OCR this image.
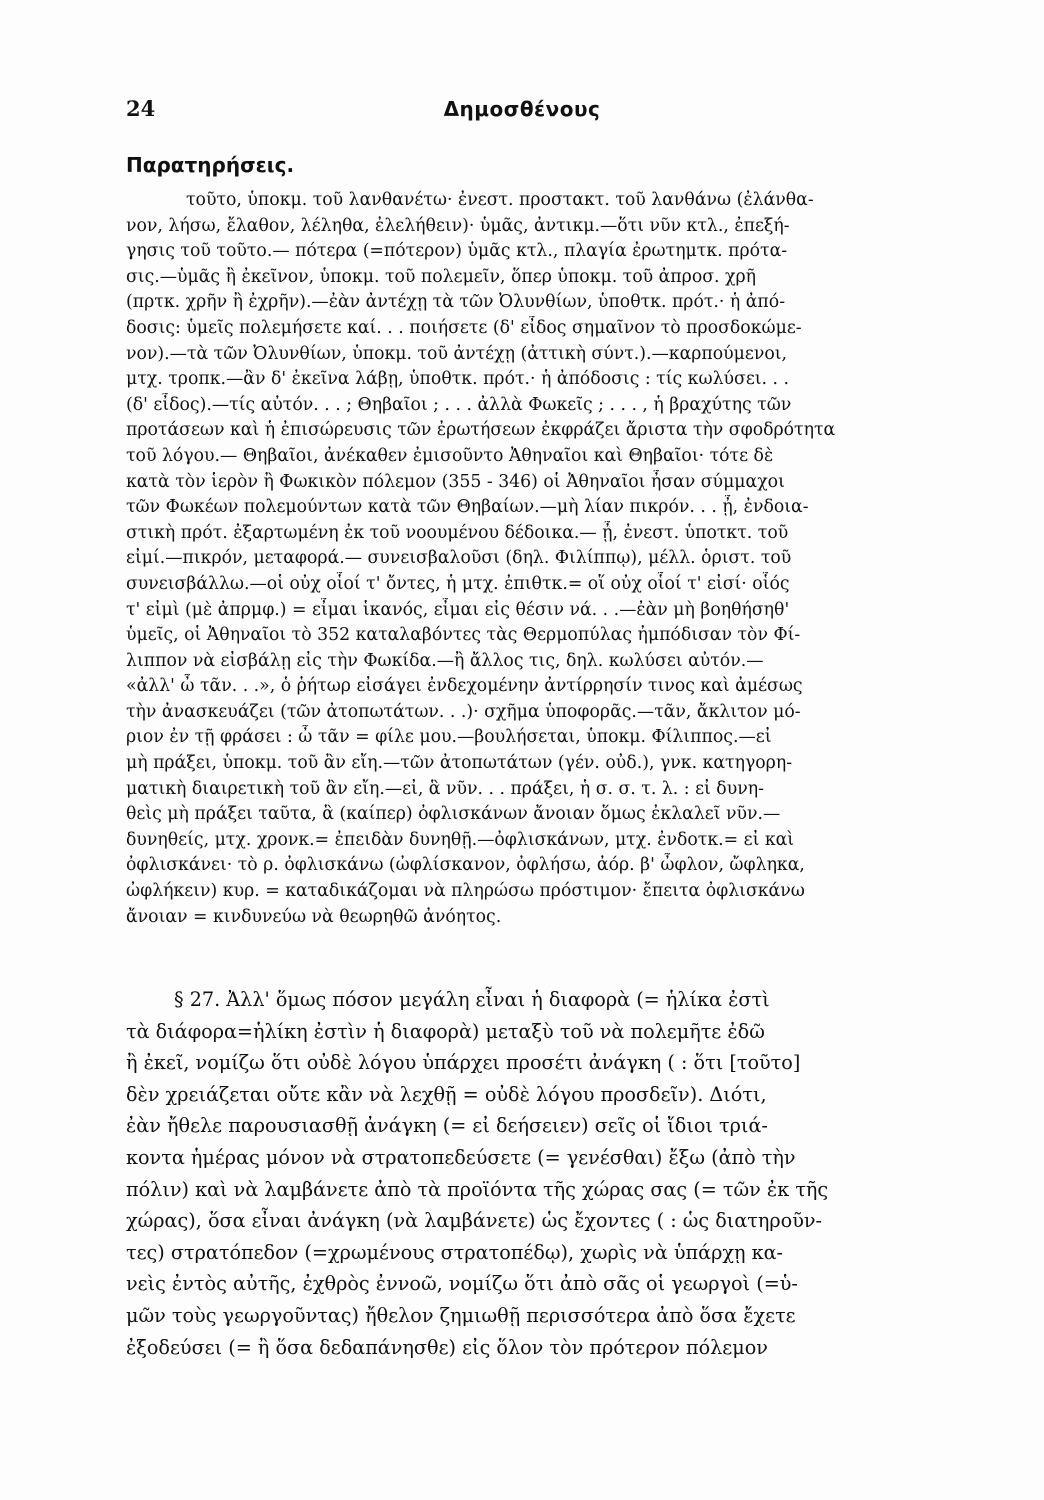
24	Δημοσθένους
Παρατηρήσεις.
τοῦτο, ὑποκμ. τοῦ λανθανέτω· ἐνεστ. προστακτ. τοῦ λανθάνω (ἐλάνθα-
νον, λήσω, ἔλαθον, λέληθα, ἐλελήθειν)· ὑμᾶς, ἀντικμ.—ὅτι νῦν κτλ., ἐπεξή-
γησις τοῦ τοῦτο.— πότερα (=πότερον) ὑμᾶς κτλ., πλαγία ἐρωτημτκ. πρότα-
σις.—ὑμᾶς ἢ ἐκεῖνον, ὑποκμ. τοῦ πολεμεῖν, ὅπερ ὑποκμ. τοῦ ἀπροσ. χρῆ
(πρτκ. χρῆν ἢ ἐχρῆν).—ἐὰν ἀντέχῃ τὰ τῶν Ὀλυνθίων, ὑποθτκ. πρότ.· ἡ ἀπό-
δοσις: ὑμεῖς πολεμήσετε καί. . . ποιήσετε (δ' εἶδος σημαῖνον τὸ προσδοκώμε-
νον).—τὰ τῶν Ὀλυνθίων, ὑποκμ. τοῦ ἀντέχῃ (ἀττικὴ σύντ.).—καρπούμενοι,
μτχ. τροπκ.—ἂν δ' ἐκεῖνα λάβῃ, ὑποθτκ. πρότ.· ἡ ἀπόδοσις : τίς κωλύσει. . .
(δ' εἶδος).—τίς αὐτόν. . . ; Θηβαῖοι ; . . . ἀλλὰ Φωκεῖς ; . . . , ἡ βραχύτης τῶν
προτάσεων καὶ ἡ ἐπισώρευσις τῶν ἐρωτήσεων ἐκφράζει ἄριστα τὴν σφοδρότητα
τοῦ λόγου.— Θηβαῖοι, ἀνέκαθεν ἐμισοῦντο Ἀθηναῖοι καὶ Θηβαῖοι· τότε δὲ
κατὰ τὸν ἱερὸν ἢ Φωκικὸν πόλεμον (355 - 346) οἱ Ἀθηναῖοι ἦσαν σύμμαχοι
τῶν Φωκέων πολεμούντων κατὰ τῶν Θηβαίων.—μὴ λίαν πικρόν. . . ᾖ, ἐνδοια-
στικὴ πρότ. ἐξαρτωμένη ἐκ τοῦ νοουμένου δέδοικα.— ᾖ, ἐνεστ. ὑποτκτ. τοῦ
εἰμί.—πικρόν, μεταφορά.— συνεισβαλοῦσι (δηλ. Φιλίππῳ), μέλλ. ὁριστ. τοῦ
συνεισβάλλω.—οἱ οὐχ οἷοί τ' ὄντες, ἡ μτχ. ἐπιθτκ.= οἵ οὐχ οἷοί τ' εἰσί· οἷός
τ' εἰμὶ (μὲ ἀπρμφ.) = εἶμαι ἱκανός, εἶμαι εἰς θέσιν νά. . .—ἐὰν μὴ βοηθήσηθ'
ὑμεῖς, οἱ Ἀθηναῖοι τὸ 352 καταλαβόντες τὰς Θερμοπύλας ἠμπόδισαν τὸν Φί-
λιππον νὰ εἰσβάλῃ εἰς τὴν Φωκίδα.—ἢ ἄλλος τις, δηλ. κωλύσει αὐτόν.—
«ἀλλ' ὦ τᾶν. . .», ὁ ῥήτωρ εἰσάγει ἐνδεχομένην ἀντίρρησίν τινος καὶ ἀμέσως
τὴν ἀνασκευάζει (τῶν ἀτοπωτάτων. . .)· σχῆμα ὑποφορᾶς.—τᾶν, ἄκλιτον μό-
ριον ἐν τῇ φράσει : ὦ τᾶν = φίλε μου.—βουλήσεται, ὑποκμ. Φίλιππος.—εἰ
μὴ πράξει, ὑποκμ. τοῦ ἂν εἴη.—τῶν ἀτοπωτάτων (γέν. οὐδ.), γνκ. κατηγορη-
ματικὴ διαιρετικὴ τοῦ ἂν εἴη.—εἰ, ἃ νῦν. . . πράξει, ἡ σ. σ. τ. λ. : εἰ δυνη-
θεὶς μὴ πράξει ταῦτα, ἃ (καίπερ) ὀφλισκάνων ἄνοιαν ὅμως ἐκλαλεῖ νῦν.—
δυνηθείς, μτχ. χρονκ.= ἐπειδὰν δυνηθῇ.—ὀφλισκάνων, μτχ. ἐνδοτκ.= εἰ καὶ
ὀφλισκάνει· τὸ ρ. ὀφλισκάνω (ὠφλίσκανον, ὀφλήσω, ἀόρ. β' ὦφλον, ὤφληκα,
ὠφλήκειν) κυρ. = καταδικάζομαι νὰ πληρώσω πρόστιμον· ἔπειτα ὀφλισκάνω
ἄνοιαν = κινδυνεύω νὰ θεωρηθῶ ἀνόητος.
§ 27. Ἀλλ' ὅμως πόσον μεγάλη εἶναι ἡ διαφορὰ (= ἡλίκα ἐστὶ
τὰ διάφορα=ἡλίκη ἐστὶν ἡ διαφορὰ) μεταξὺ τοῦ νὰ πολεμῆτε ἐδῶ
ἢ ἐκεῖ, νομίζω ὅτι οὐδὲ λόγου ὑπάρχει προσέτι ἀνάγκη ( : ὅτι [τοῦτο]
δὲν χρειάζεται οὔτε κἂν νὰ λεχθῇ = οὐδὲ λόγου προσδεῖν). Διότι,
ἐὰν ἤθελε παρουσιασθῇ ἀνάγκη (= εἰ δεήσειεν) σεῖς οἱ ἴδιοι τριά-
κοντα ἡμέρας μόνον νὰ στρατοπεδεύσετε (= γενέσθαι) ἔξω (ἀπὸ τὴν
πόλιν) καὶ νὰ λαμβάνετε ἀπὸ τὰ προϊόντα τῆς χώρας σας (= τῶν ἐκ τῆς
χώρας), ὅσα εἶναι ἀνάγκη (νὰ λαμβάνετε) ὡς ἔχοντες ( : ὡς διατηροῦν-
τες) στρατόπεδον (=χρωμένους στρατοπέδῳ), χωρὶς νὰ ὑπάρχῃ κα-
νεὶς ἐντὸς αὐτῆς, ἐχθρὸς ἐννοῶ, νομίζω ὅτι ἀπὸ σᾶς οἱ γεωργοὶ (=ὑ-
μῶν τοὺς γεωργοῦντας) ἤθελον ζημιωθῇ περισσότερα ἀπὸ ὅσα ἔχετε
ἐξοδεύσει (= ἢ ὅσα δεδαπάνησθε) εἰς ὅλον τὸν πρότερον πόλεμον
